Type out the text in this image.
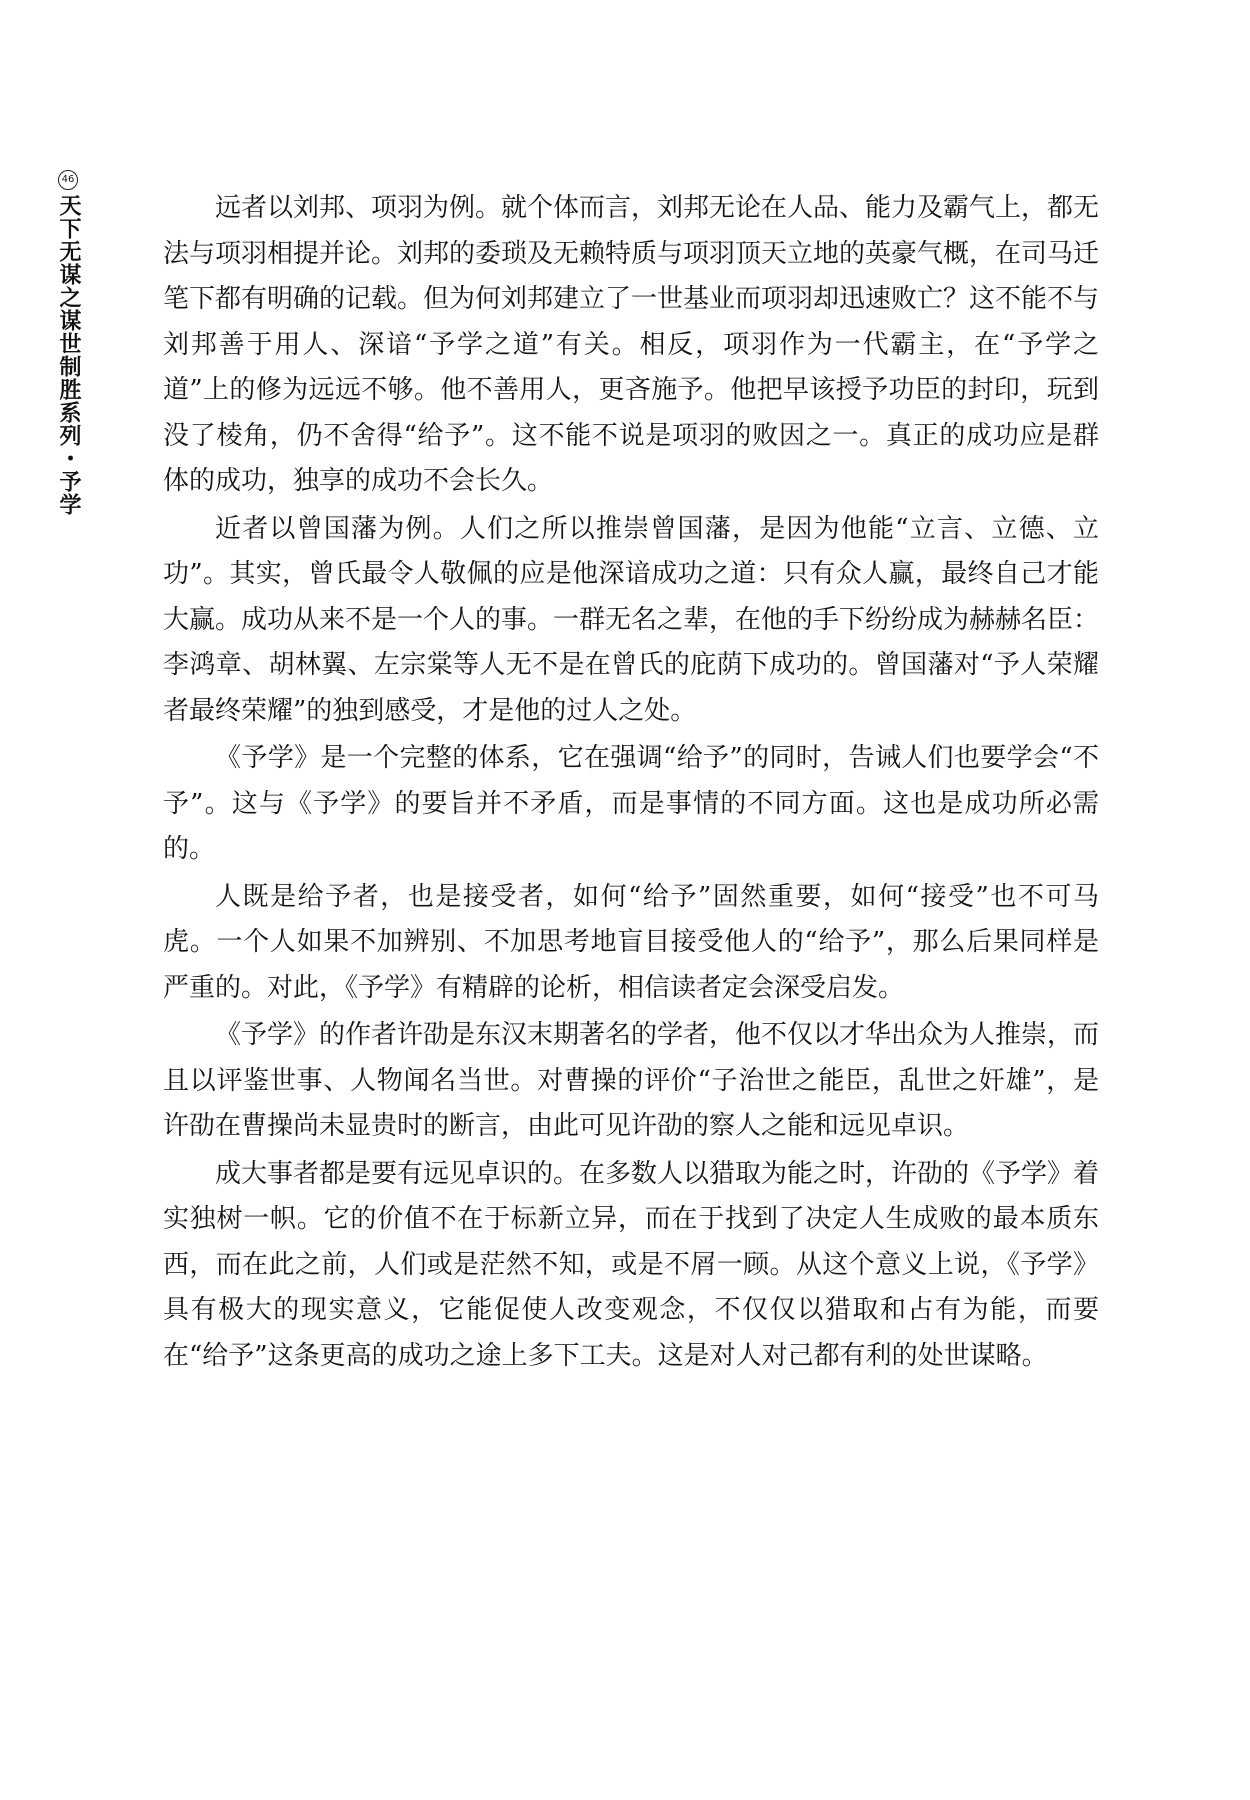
46
天下无谋之谋世制胜系列・予学	远者以刘邦、项羽为例。就个体而言，刘邦无论在人品、能力及霸气上，都无法与项羽相提并论。刘邦的委琐及无赖特质与项羽顶天立地的英豪气概，在司马迁笔下都有明确的记载。但为何刘邦建立了一世基业而项羽却迅速败亡？这不能不与刘邦善于用人、深谙“予学之道”有关。相反，项羽作为一代霸主，在“予学之道”上的修为远远不够。他不善用人，更吝施予。他把早该授予功臣的封印，玩到没了棱角，仍不舍得“给予”。这不能不说是项羽的败因之一。真正的成功应是群体的成功，独享的成功不会长久。

近者以曾国藩为例。人们之所以推崇曾国藩，是因为他能“立言、立德、立功”。其实，曾氏最令人敬佩的应是他深谙成功之道：只有众人赢，最终自己才能大赢。成功从来不是一个人的事。一群无名之辈，在他的手下纷纷成为赫赫名臣：李鸿章、胡林翼、左宗棠等人无不是在曾氏的庇荫下成功的。曾国藩对“予人荣耀者最终荣耀”的独到感受，才是他的过人之处。

《予学》是一个完整的体系，它在强调“给予”的同时，告诫人们也要学会“不予”。这与《予学》的要旨并不矛盾，而是事情的不同方面。这也是成功所必需的。

人既是给予者，也是接受者，如何“给予”固然重要，如何“接受”也不可马虎。一个人如果不加辨别、不加思考地盲目接受他人的“给予”，那么后果同样是严重的。对此，《予学》有精辟的论析，相信读者定会深受启发。

《予学》的作者许劭是东汉末期著名的学者，他不仅以才华出众为人推崇，而且以评鉴世事、人物闻名当世。对曹操的评价“子治世之能臣，乱世之奸雄”，是许劭在曹操尚未显贵时的断言，由此可见许劭的察人之能和远见卓识。

成大事者都是要有远见卓识的。在多数人以猎取为能之时，许劭的《予学》着实独树一帜。它的价值不在于标新立异，而在于找到了决定人生成败的最本质东西，而在此之前，人们或是茫然不知，或是不屑一顾。从这个意义上说，《予学》具有极大的现实意义，它能促使人改变观念，不仅仅以猎取和占有为能，而要在“给予”这条更高的成功之途上多下工夫。这是对人对己都有利的处世谋略。
